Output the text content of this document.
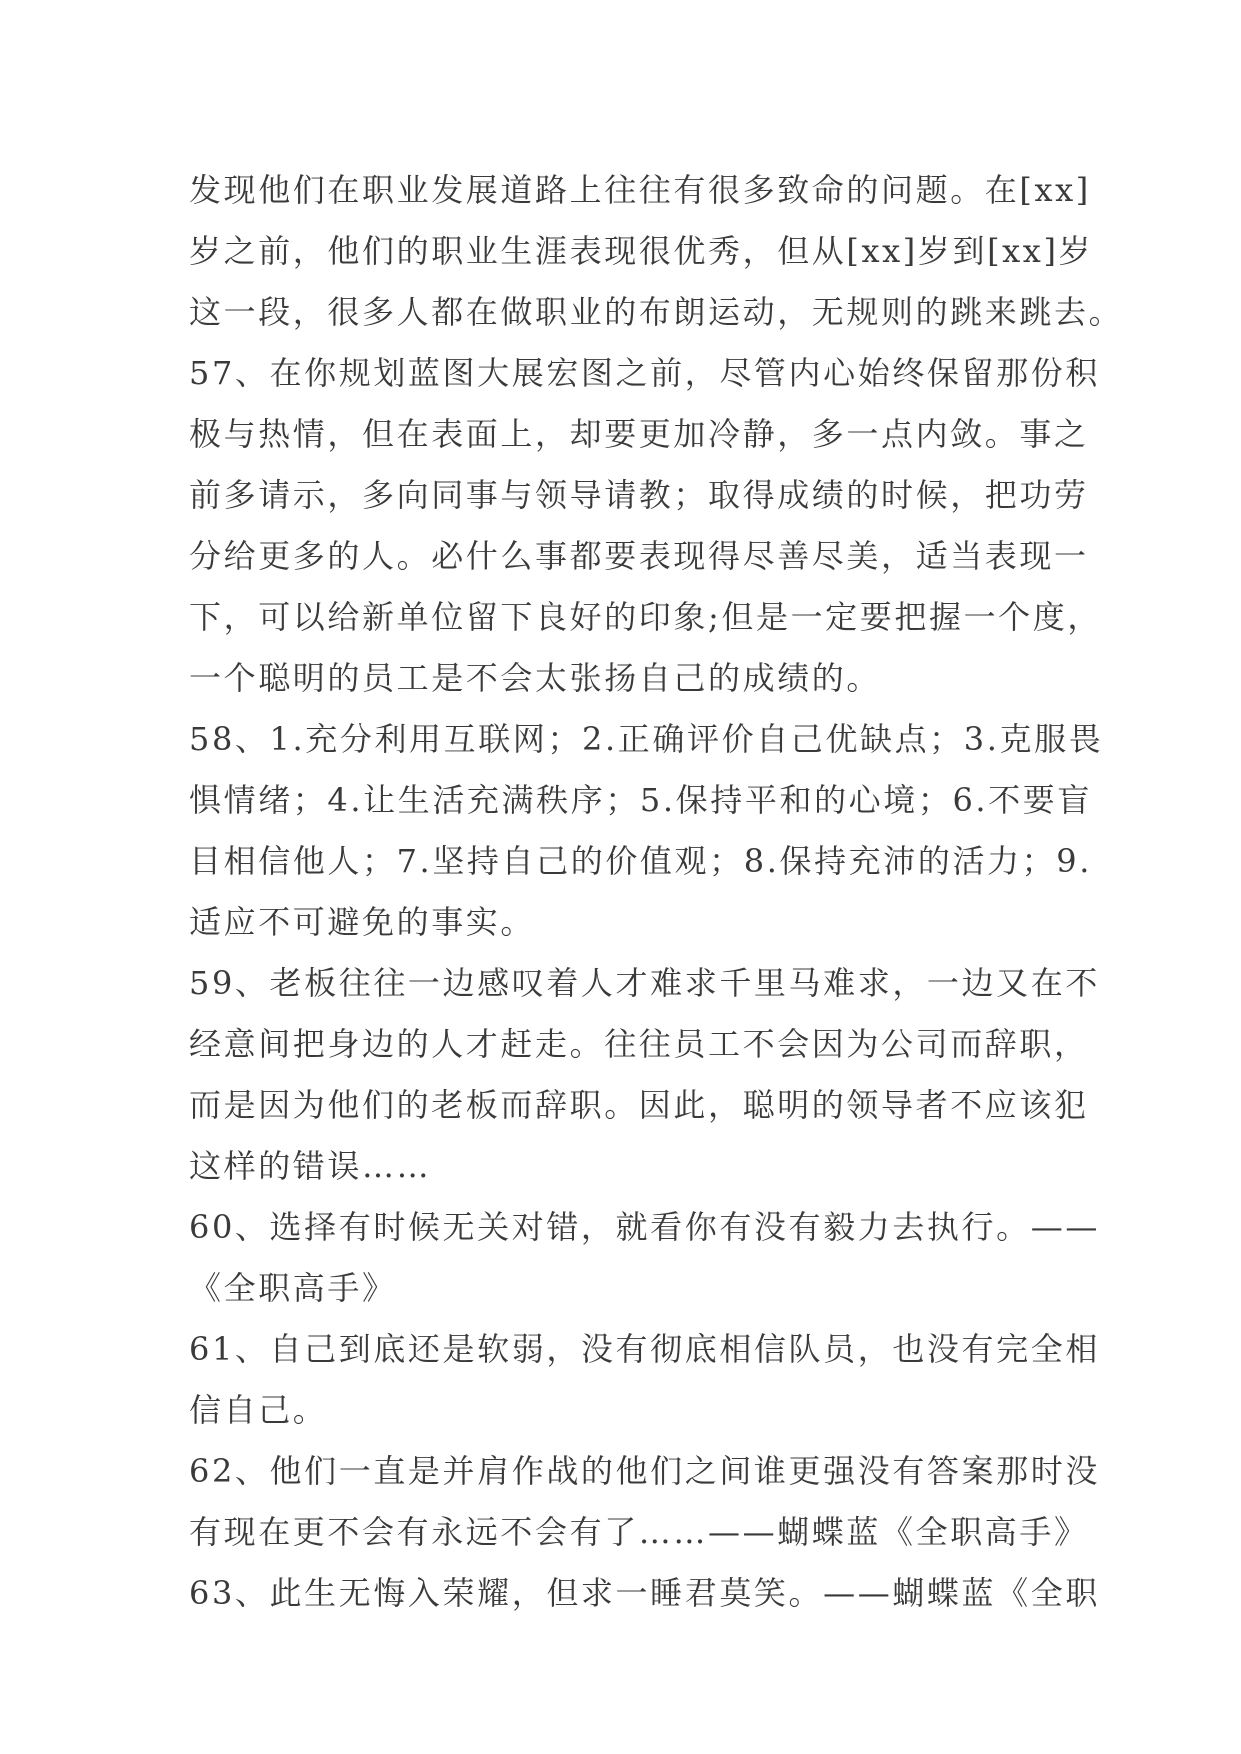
发现他们在职业发展道路上往往有很多致命的问题。在[xx]
岁之前，他们的职业生涯表现很优秀，但从[xx]岁到[xx]岁
这一段，很多人都在做职业的布朗运动，无规则的跳来跳去。
57、在你规划蓝图大展宏图之前，尽管内心始终保留那份积
极与热情，但在表面上，却要更加冷静，多一点内敛。事之
前多请示，多向同事与领导请教；取得成绩的时候，把功劳
分给更多的人。必什么事都要表现得尽善尽美，适当表现一
下，可以给新单位留下良好的印象;但是一定要把握一个度，
一个聪明的员工是不会太张扬自己的成绩的。
58、1.充分利用互联网；2.正确评价自己优缺点；3.克服畏
惧情绪；4.让生活充满秩序；5.保持平和的心境；6.不要盲
目相信他人；7.坚持自己的价值观；8.保持充沛的活力；9.
适应不可避免的事实。
59、老板往往一边感叹着人才难求千里马难求，一边又在不
经意间把身边的人才赶走。往往员工不会因为公司而辞职，
而是因为他们的老板而辞职。因此，聪明的领导者不应该犯
这样的错误……
60、选择有时候无关对错，就看你有没有毅力去执行。——
《全职高手》
61、自己到底还是软弱，没有彻底相信队员，也没有完全相
信自己。
62、他们一直是并肩作战的他们之间谁更强没有答案那时没
有现在更不会有永远不会有了……——蝴蝶蓝《全职高手》
63、此生无悔入荣耀，但求一睡君莫笑。——蝴蝶蓝《全职
